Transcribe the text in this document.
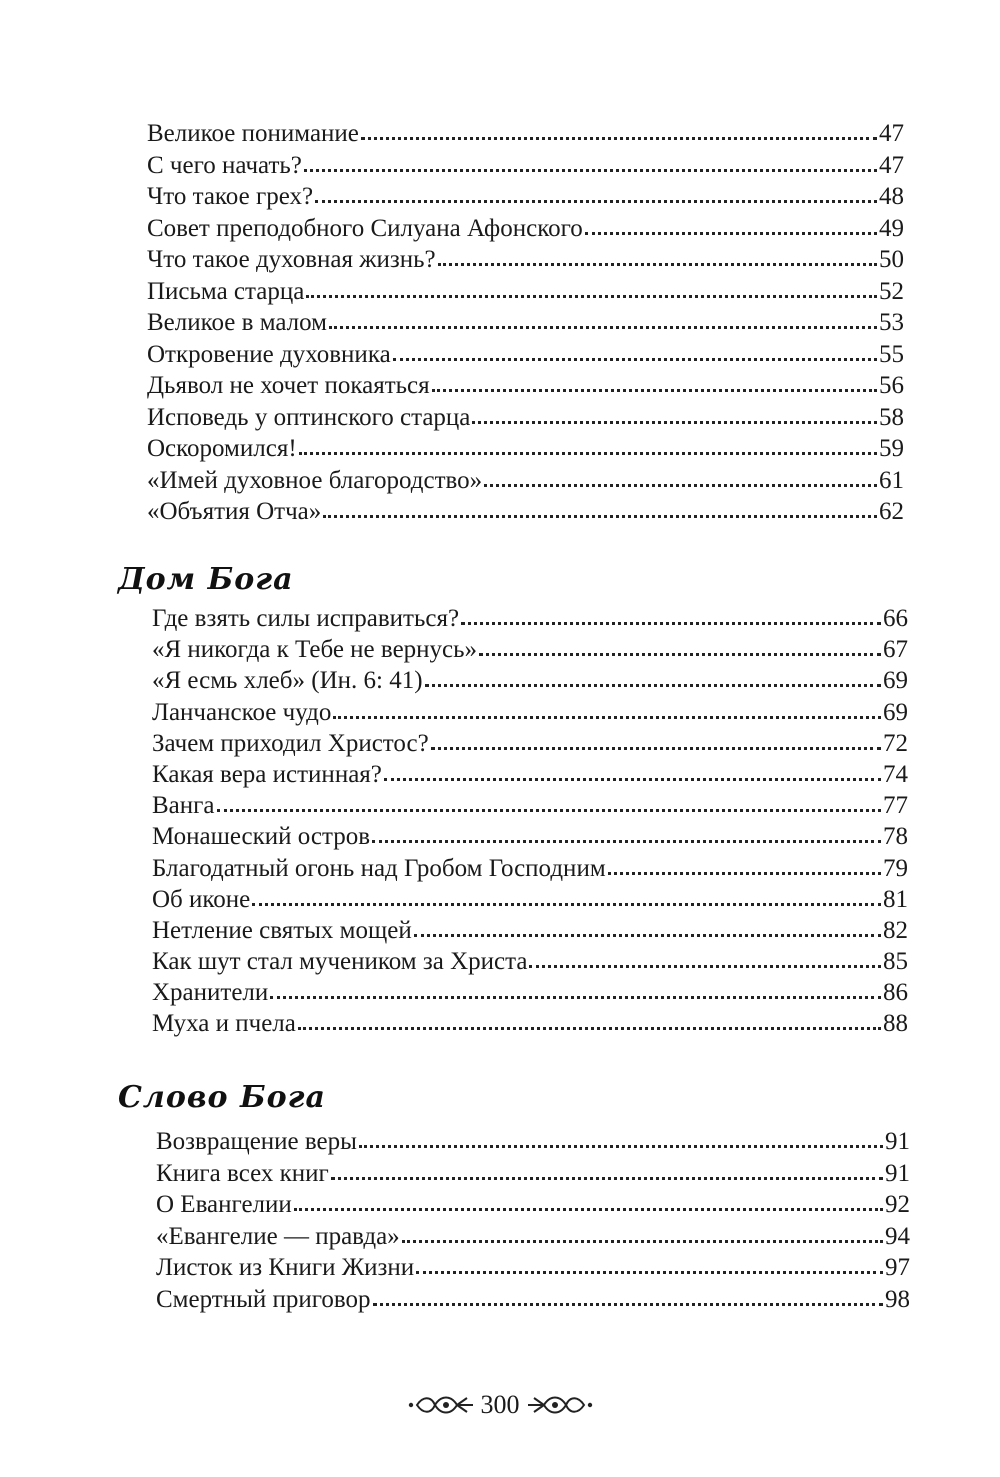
Великое понимание	47
С чего начать?	47
Что такое грех?	48
Совет преподобного Силуана Афонского	49
Что такое духовная жизнь?	50
Письма старца	52
Великое в малом	53
Откровение духовника	55
Дьявол не хочет покаяться	56
Исповедь у оптинского старца	58
Оскоромился!	59
«Имей духовное благородство»	61
«Объятия Отча»	62
Дом Бога
Где взять силы исправиться?	66
«Я никогда к Тебе не вернусь»	67
«Я есмь хлеб» (Ин. 6: 41)	69
Ланчанское чудо	69
Зачем приходил Христос?	72
Какая вера истинная?	74
Ванга	77
Монашеский остров	78
Благодатный огонь над Гробом Господним	79
Об иконе	81
Нетление святых мощей	82
Как шут стал мучеником за Христа	85
Хранители	86
Муха и пчела	88
Слово Бога
Возвращение веры	91
Книга всех книг	91
О Евангелии	92
«Евангелие — правда»	94
Листок из Книги Жизни	97
Смертный приговор	98
300
